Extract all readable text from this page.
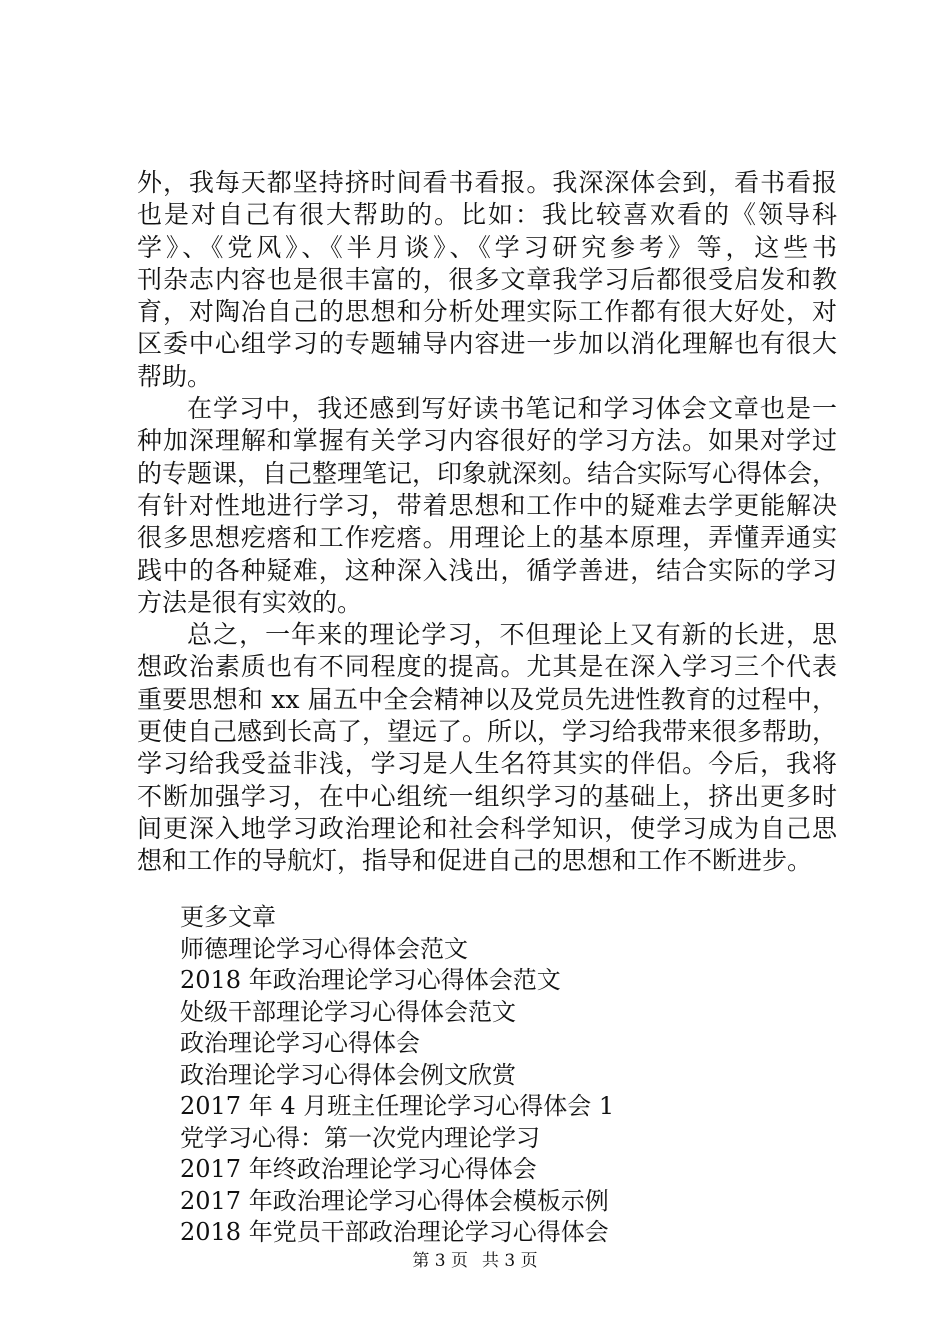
外，我每天都坚持挤时间看书看报。我深深体会到，看书看报
也是对自己有很大帮助的。比如：我比较喜欢看的《领导科
学》、《党风》、《半月谈》、《学习研究参考》等，这些书
刊杂志内容也是很丰富的，很多文章我学习后都很受启发和教
育，对陶冶自己的思想和分析处理实际工作都有很大好处，对
区委中心组学习的专题辅导内容进一步加以消化理解也有很大
帮助。
在学习中，我还感到写好读书笔记和学习体会文章也是一
种加深理解和掌握有关学习内容很好的学习方法。如果对学过
的专题课，自己整理笔记，印象就深刻。结合实际写心得体会，
有针对性地进行学习，带着思想和工作中的疑难去学更能解决
很多思想疙瘩和工作疙瘩。用理论上的基本原理，弄懂弄通实
践中的各种疑难，这种深入浅出，循学善进，结合实际的学习
方法是很有实效的。
总之，一年来的理论学习，不但理论上又有新的长进，思
想政治素质也有不同程度的提高。尤其是在深入学习三个代表
重要思想和 xx 届五中全会精神以及党员先进性教育的过程中，
更使自己感到长高了，望远了。所以，学习给我带来很多帮助，
学习给我受益非浅，学习是人生名符其实的伴侣。今后，我将
不断加强学习，在中心组统一组织学习的基础上，挤出更多时
间更深入地学习政治理论和社会科学知识，使学习成为自己思
想和工作的导航灯，指导和促进自己的思想和工作不断进步。
更多文章
师德理论学习心得体会范文
2018 年政治理论学习心得体会范文
处级干部理论学习心得体会范文
政治理论学习心得体会
政治理论学习心得体会例文欣赏
2017 年 4 月班主任理论学习心得体会 1
党学习心得：第一次党内理论学习
2017 年终政治理论学习心得体会
2017 年政治理论学习心得体会模板示例
2018 年党员干部政治理论学习心得体会
第 3 页 共 3 页
